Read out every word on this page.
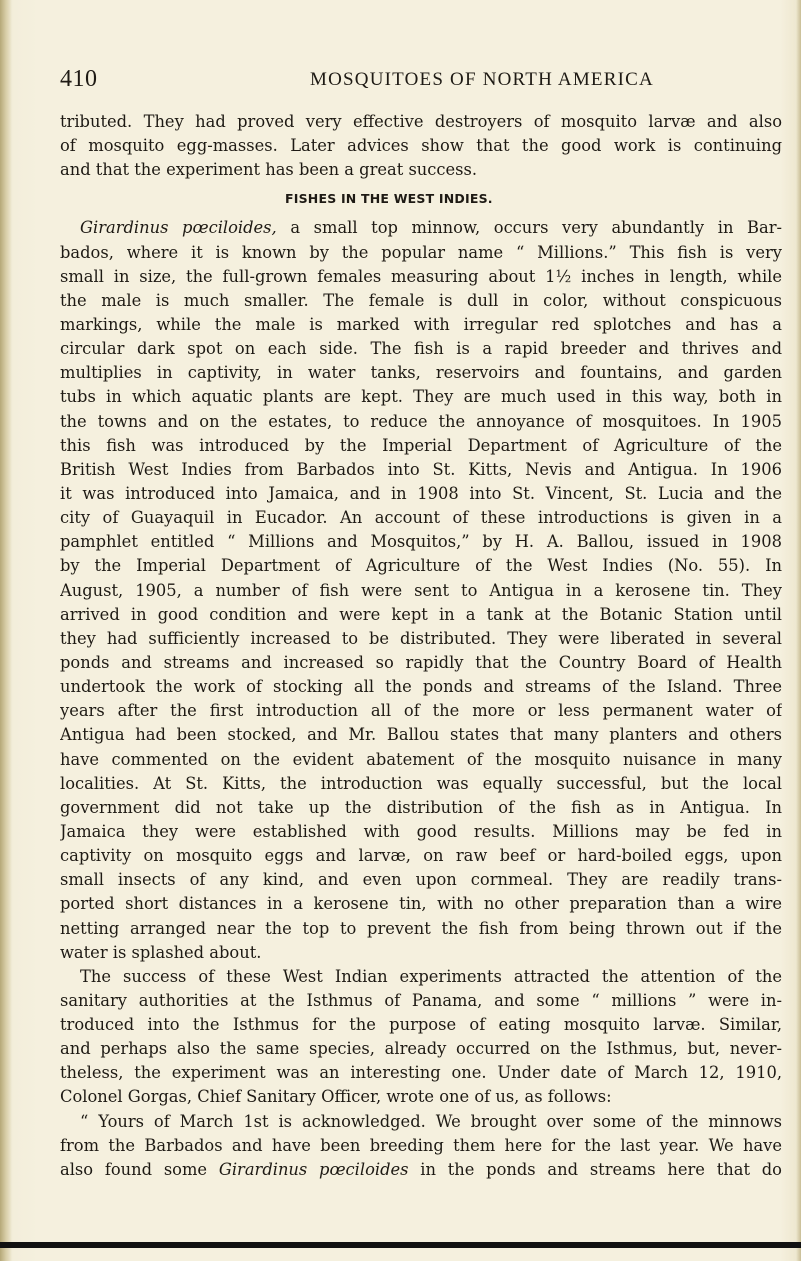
410	MOSQUITOES OF NORTH AMERICA
tributed. They had proved very effective destroyers of mosquito larvæ and also
of mosquito egg-masses. Later advices show that the good work is continuing
and that the experiment has been a great success.
FISHES IN THE WEST INDIES.
Girardinus pœciloides, a small top minnow, occurs very abundantly in Bar-
bados, where it is known by the popular name “ Millions.” This fish is very
small in size, the full-grown females measuring about 1½ inches in length, while
the male is much smaller. The female is dull in color, without conspicuous
markings, while the male is marked with irregular red splotches and has a
circular dark spot on each side. The fish is a rapid breeder and thrives and
multiplies in captivity, in water tanks, reservoirs and fountains, and garden
tubs in which aquatic plants are kept. They are much used in this way, both in
the towns and on the estates, to reduce the annoyance of mosquitoes. In 1905
this fish was introduced by the Imperial Department of Agriculture of the
British West Indies from Barbados into St. Kitts, Nevis and Antigua. In 1906
it was introduced into Jamaica, and in 1908 into St. Vincent, St. Lucia and the
city of Guayaquil in Eucador. An account of these introductions is given in a
pamphlet entitled “ Millions and Mosquitos,” by H. A. Ballou, issued in 1908
by the Imperial Department of Agriculture of the West Indies (No. 55). In
August, 1905, a number of fish were sent to Antigua in a kerosene tin. They
arrived in good condition and were kept in a tank at the Botanic Station until
they had sufficiently increased to be distributed. They were liberated in several
ponds and streams and increased so rapidly that the Country Board of Health
undertook the work of stocking all the ponds and streams of the Island. Three
years after the first introduction all of the more or less permanent water of
Antigua had been stocked, and Mr. Ballou states that many planters and others
have commented on the evident abatement of the mosquito nuisance in many
localities. At St. Kitts, the introduction was equally successful, but the local
government did not take up the distribution of the fish as in Antigua. In
Jamaica they were established with good results. Millions may be fed in
captivity on mosquito eggs and larvæ, on raw beef or hard-boiled eggs, upon
small insects of any kind, and even upon cornmeal. They are readily trans-
ported short distances in a kerosene tin, with no other preparation than a wire
netting arranged near the top to prevent the fish from being thrown out if the
water is splashed about.
The success of these West Indian experiments attracted the attention of the
sanitary authorities at the Isthmus of Panama, and some “ millions ” were in-
troduced into the Isthmus for the purpose of eating mosquito larvæ. Similar,
and perhaps also the same species, already occurred on the Isthmus, but, never-
theless, the experiment was an interesting one. Under date of March 12, 1910,
Colonel Gorgas, Chief Sanitary Officer, wrote one of us, as follows:
“ Yours of March 1st is acknowledged. We brought over some of the minnows
from the Barbados and have been breeding them here for the last year. We have
also found some Girardinus pœciloides in the ponds and streams here that do
